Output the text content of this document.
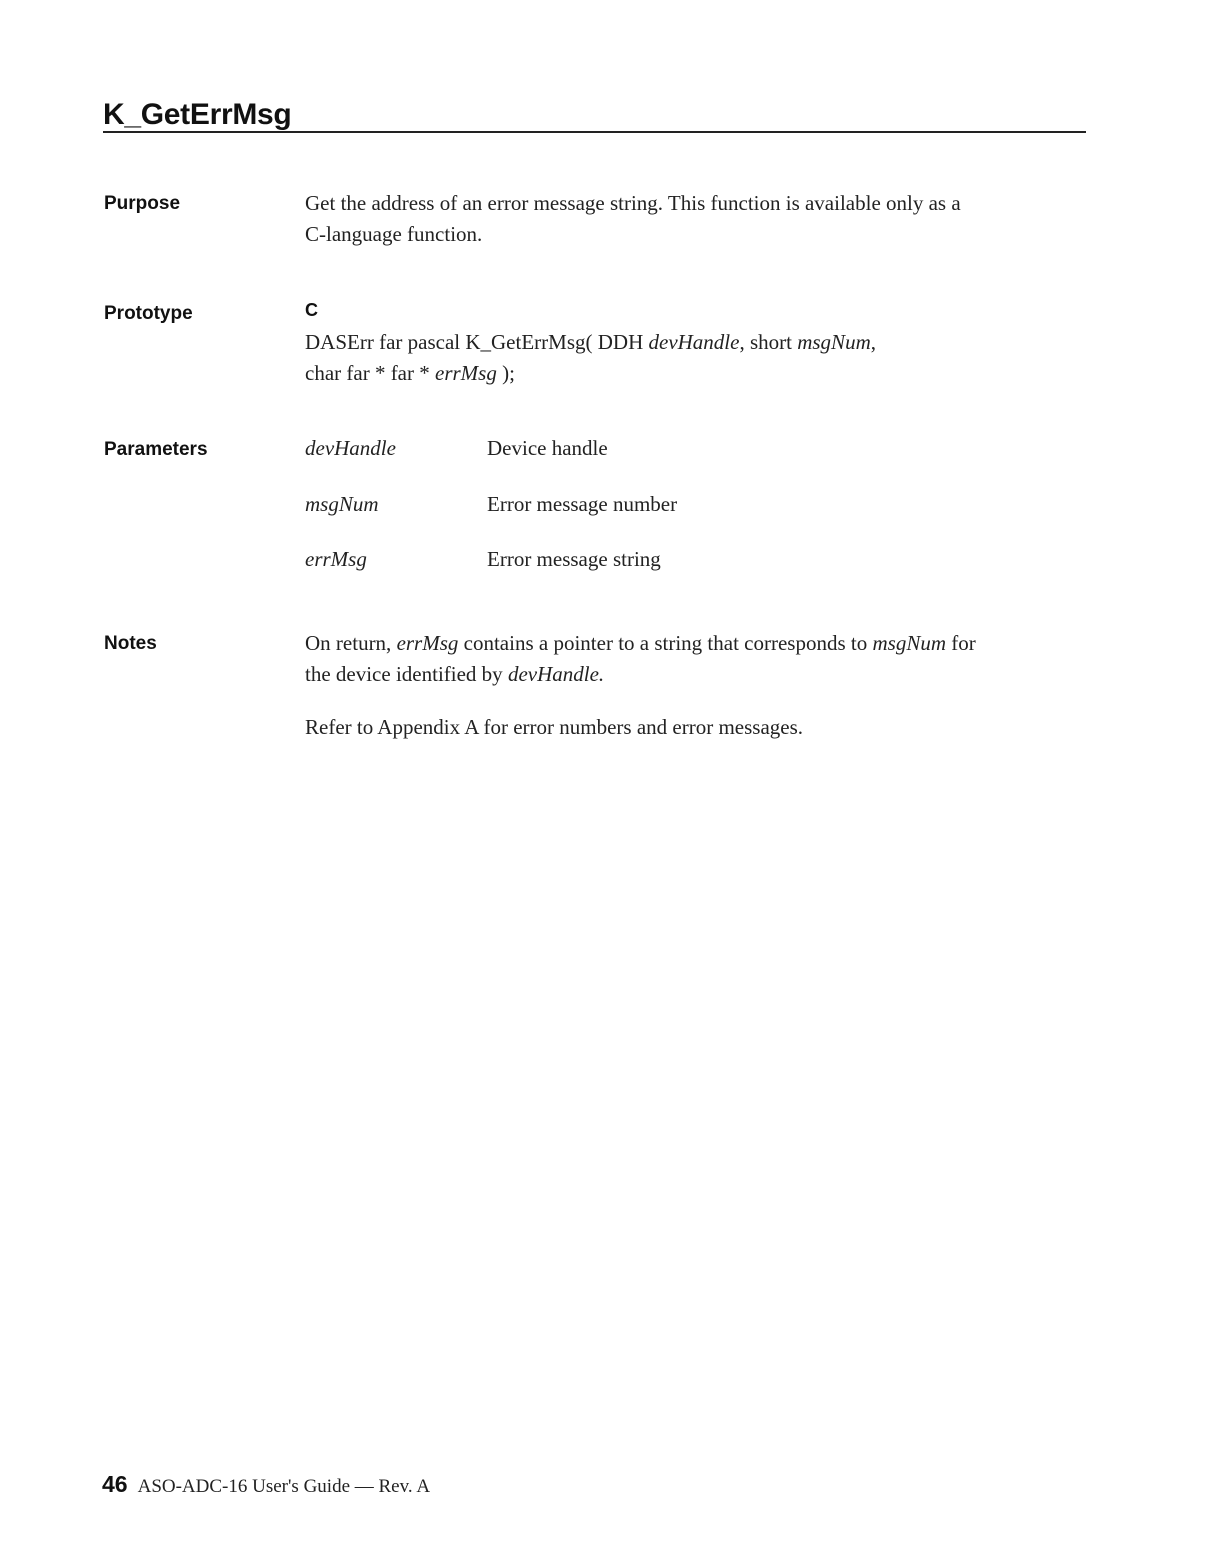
K_GetErrMsg
Purpose	Get the address of an error message string. This function is available only as a
C-language function.
Prototype	C
DASErr far pascal K_GetErrMsg( DDH devHandle, short msgNum,
char far * far * errMsg );
Parameters	devHandle	Device handle
msgNum	Error message number
errMsg	Error message string
Notes	On return, errMsg contains a pointer to a string that corresponds to msgNum for
the device identified by devHandle.
Refer to Appendix A for error numbers and error messages.
46 ASO-ADC-16 User's Guide — Rev. A
